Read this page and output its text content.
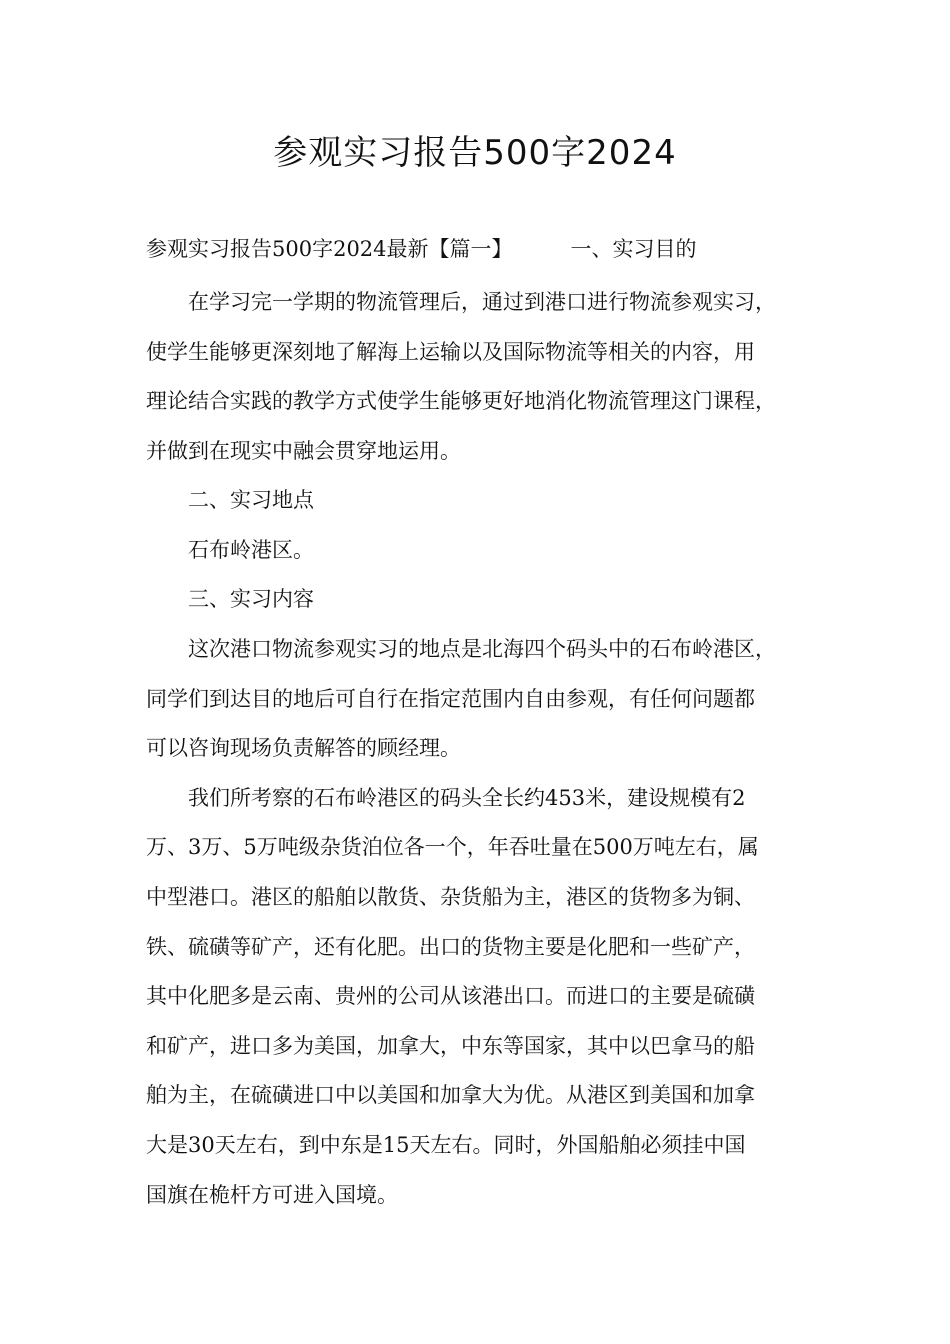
参观实习报告500字2024
参观实习报告500字2024最新【篇一】	一、实习目的
在学习完一学期的物流管理后，通过到港口进行物流参观实习，
使学生能够更深刻地了解海上运输以及国际物流等相关的内容，用
理论结合实践的教学方式使学生能够更好地消化物流管理这门课程，
并做到在现实中融会贯穿地运用。
二、实习地点
石布岭港区。
三、实习内容
这次港口物流参观实习的地点是北海四个码头中的石布岭港区，
同学们到达目的地后可自行在指定范围内自由参观，有任何问题都
可以咨询现场负责解答的顾经理。
我们所考察的石布岭港区的码头全长约453米，建设规模有2
万、3万、5万吨级杂货泊位各一个，年吞吐量在500万吨左右，属
中型港口。港区的船舶以散货、杂货船为主，港区的货物多为铜、
铁、硫磺等矿产，还有化肥。出口的货物主要是化肥和一些矿产，
其中化肥多是云南、贵州的公司从该港出口。而进口的主要是硫磺
和矿产，进口多为美国，加拿大，中东等国家，其中以巴拿马的船
舶为主，在硫磺进口中以美国和加拿大为优。从港区到美国和加拿
大是30天左右，到中东是15天左右。同时，外国船舶必须挂中国
国旗在桅杆方可进入国境。
